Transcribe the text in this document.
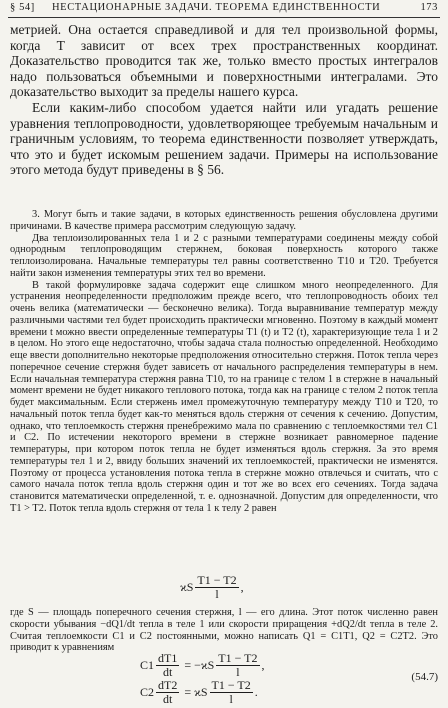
§ 54] НЕСТАЦИОНАРНЫЕ ЗАДАЧИ. ТЕОРЕМА ЕДИНСТВЕННОСТИ	173

метрией. Она остается справедливой и для тел произвольной формы, когда T зависит от всех трех пространственных координат. Доказательство проводится так же, только вместо простых интегралов надо пользоваться объемными и поверхностными интегралами. Это доказательство выходит за пределы нашего курса.

Если каким-либо способом удается найти или угадать решение уравнения теплопроводности, удовлетворяющее требуемым начальным и граничным условиям, то теорема единственности позволяет утверждать, что это и будет искомым решением задачи. Примеры на использование этого метода будут приведены в § 56.

3. Могут быть и такие задачи, в которых единственность решения обусловлена другими причинами. В качестве примера рассмотрим следующую задачу.

Два теплоизолированных тела 1 и 2 с разными температурами соединены между собой однородным теплопроводящим стержнем, боковая поверхность которого также теплоизолирована. Начальные температуры тел равны соответственно T10 и T20. Требуется найти закон изменения температуры этих тел во времени.

В такой формулировке задача содержит еще слишком много неопределенного. Для устранения неопределенности предположим прежде всего, что теплопроводность обоих тел очень велика (математически — бесконечно велика). Тогда выравнивание температур между различными частями тел будет происходить практически мгновенно. Поэтому в каждый момент времени t можно ввести определенные температуры T1 (t) и T2 (t), характеризующие тела 1 и 2 в целом. Но этого еще недостаточно, чтобы задача стала полностью определенной. Необходимо еще ввести дополнительно некоторые предположения относительно стержня. Поток тепла через поперечное сечение стержня будет зависеть от начального распределения температуры в нем. Если начальная температура стержня равна T10, то на границе с телом 1 в стержне в начальный момент времени не будет никакого теплового потока, тогда как на границе с телом 2 поток тепла будет максимальным. Если стержень имел промежуточную температуру между T10 и T20, то начальный поток тепла будет как-то меняться вдоль стержня от сечения к сечению. Допустим, однако, что теплоемкость стержня пренебрежимо мала по сравнению с теплоемкостями тел C1 и C2. По истечении некоторого времени в стержне возникает равномерное падение температуры, при котором поток тепла не будет изменяться вдоль стержня. За это время температуры тел 1 и 2, ввиду больших значений их теплоемкостей, практически не изменятся. Поэтому от процесса установления потока тепла в стержне можно отвлечься и считать, что с самого начала поток тепла вдоль стержня один и тот же во всех его сечениях. Тогда задача становится математически определенной, т. е. однозначной. Допустим для определенности, что T1 > T2. Поток тепла вдоль стержня от тела 1 к телу 2 равен

ϰS $\frac{T1 - T2}{l}$ ,

где S — площадь поперечного сечения стержня, l — его длина. Этот поток численно равен скорости убывания −dQ1/dt тепла в теле 1 или скорости приращения +dQ2/dt тепла в теле 2. Считая теплоемкости C1 и C2 постоянными, можно написать Q1 = C1T1, Q2 = C2T2. Это приводит к уравнениям

$C1 \frac{dT1}{dt} = -ϰS \frac{T1 - T2}{l}$ ,
$C2 \frac{dT2}{dt} = ϰS \frac{T1 - T2}{l}$ .
(54.7)
